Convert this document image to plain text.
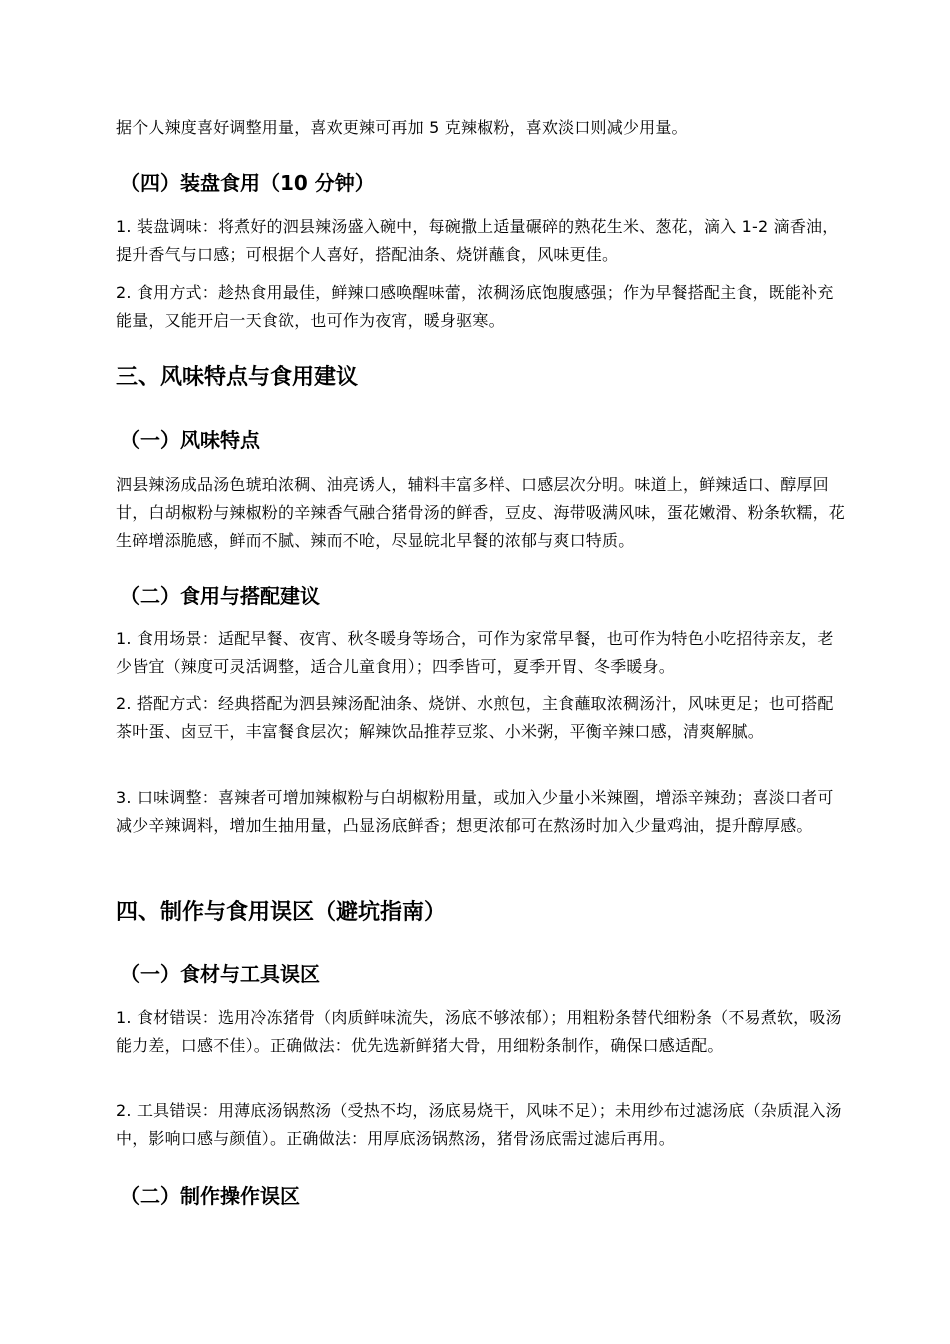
据个人辣度喜好调整用量，喜欢更辣可再加 5 克辣椒粉，喜欢淡口则减少用量。

（四）装盘食用（10 分钟）

1. 装盘调味：将煮好的泗县辣汤盛入碗中，每碗撒上适量碾碎的熟花生米、葱花，滴入 1-2 滴香油，提升香气与口感；可根据个人喜好，搭配油条、烧饼蘸食，风味更佳。

2. 食用方式：趁热食用最佳，鲜辣口感唤醒味蕾，浓稠汤底饱腹感强；作为早餐搭配主食，既能补充能量，又能开启一天食欲，也可作为夜宵，暖身驱寒。

三、风味特点与食用建议
（一）风味特点

泗县辣汤成品汤色琥珀浓稠、油亮诱人，辅料丰富多样、口感层次分明。味道上，鲜辣适口、醇厚回甘，白胡椒粉与辣椒粉的辛辣香气融合猪骨汤的鲜香，豆皮、海带吸满风味，蛋花嫩滑、粉条软糯，花生碎增添脆感，鲜而不腻、辣而不呛，尽显皖北早餐的浓郁与爽口特质。

（二）食用与搭配建议

1. 食用场景：适配早餐、夜宵、秋冬暖身等场合，可作为家常早餐，也可作为特色小吃招待亲友，老少皆宜（辣度可灵活调整，适合儿童食用）；四季皆可，夏季开胃、冬季暖身。

2. 搭配方式：经典搭配为泗县辣汤配油条、烧饼、水煎包，主食蘸取浓稠汤汁，风味更足；也可搭配茶叶蛋、卤豆干，丰富餐食层次；解辣饮品推荐豆浆、小米粥，平衡辛辣口感，清爽解腻。

3. 口味调整：喜辣者可增加辣椒粉与白胡椒粉用量，或加入少量小米辣圈，增添辛辣劲；喜淡口者可减少辛辣调料，增加生抽用量，凸显汤底鲜香；想更浓郁可在熬汤时加入少量鸡油，提升醇厚感。

四、制作与食用误区（避坑指南）
（一）食材与工具误区

1. 食材错误：选用冷冻猪骨（肉质鲜味流失，汤底不够浓郁）；用粗粉条替代细粉条（不易煮软，吸汤能力差，口感不佳）。正确做法：优先选新鲜猪大骨，用细粉条制作，确保口感适配。

2. 工具错误：用薄底汤锅熬汤（受热不均，汤底易烧干，风味不足）；未用纱布过滤汤底（杂质混入汤中，影响口感与颜值）。正确做法：用厚底汤锅熬汤，猪骨汤底需过滤后再用。

（二）制作操作误区
